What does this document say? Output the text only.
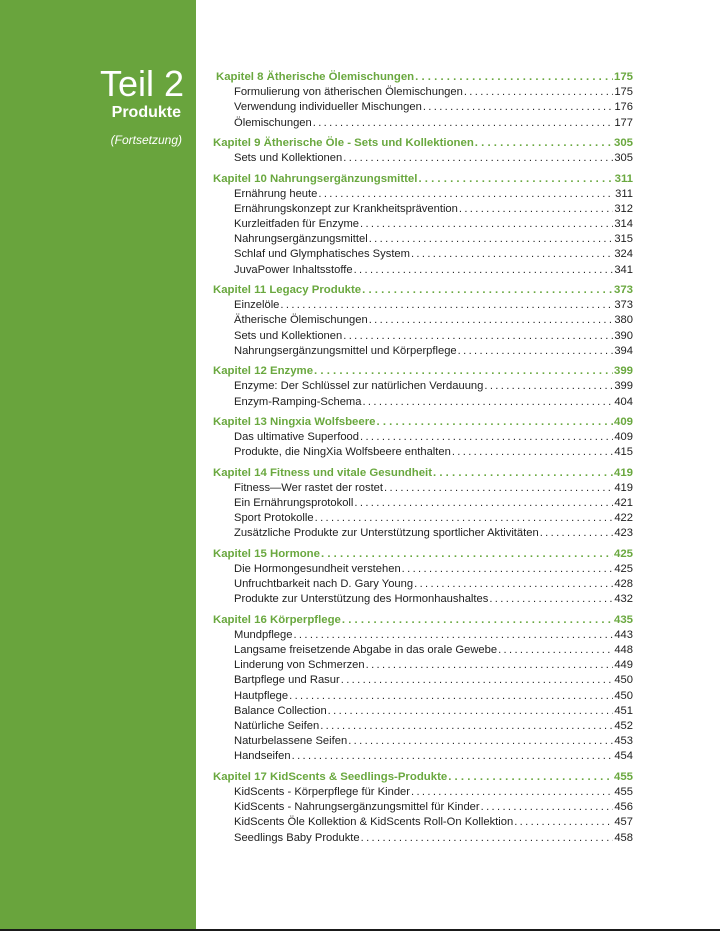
Teil 2
Produkte
(Fortsetzung)
Kapitel 8 Ätherische Ölemischungen . . .	175
Formulierung von ätherischen Ölemischungen .....	175
Verwendung individueller Mischungen .....	176
Ölemischungen .....	177
Kapitel 9 Ätherische Öle - Sets und Kollektionen . . .	305
Sets und Kollektionen .....	305
Kapitel 10 Nahrungsergänzungsmittel . . .	311
Ernährung heute .....	311
Ernährungskonzept zur Krankheitsprävention .....	312
Kurzleitfaden für Enzyme .....	314
Nahrungsergänzungsmittel .....	315
Schlaf und Glymphatisches System .....	324
JuvaPower Inhaltsstoffe .....	341
Kapitel 11 Legacy Produkte . . .	373
Einzelöle .....	373
Ätherische Ölemischungen .....	380
Sets und Kollektionen .....	390
Nahrungsergänzungsmittel und Körperpflege .....	394
Kapitel 12 Enzyme . . .	399
Enzyme: Der Schlüssel zur natürlichen Verdauung .....	399
Enzym-Ramping-Schema .....	404
Kapitel 13 Ningxia Wolfsbeere . . .	409
Das ultimative Superfood .....	409
Produkte, die NingXia Wolfsbeere enthalten .....	415
Kapitel 14 Fitness und vitale Gesundheit . . .	419
Fitness—Wer rastet der rostet .....	419
Ein Ernährungsprotokoll .....	421
Sport Protokolle .....	422
Zusätzliche Produkte zur Unterstützung sportlicher Aktivitäten .....	423
Kapitel 15 Hormone . . .	425
Die Hormongesundheit verstehen .....	425
Unfruchtbarkeit nach D. Gary Young .....	428
Produkte zur Unterstützung des Hormonhaushaltes .....	432
Kapitel 16 Körperpflege . . .	435
Mundpflege .....	443
Langsame freisetzende Abgabe in das orale Gewebe .....	448
Linderung von Schmerzen .....	449
Bartpflege und Rasur .....	450
Hautpflege .....	450
Balance Collection .....	451
Natürliche Seifen .....	452
Naturbelassene Seifen .....	453
Handseifen .....	454
Kapitel 17 KidScents & Seedlings-Produkte . . .	455
KidScents - Körperpflege für Kinder .....	455
KidScents - Nahrungsergänzungsmittel für Kinder .....	456
KidScents Öle Kollektion & KidScents Roll-On Kollektion .....	457
Seedlings Baby Produkte .....	458
